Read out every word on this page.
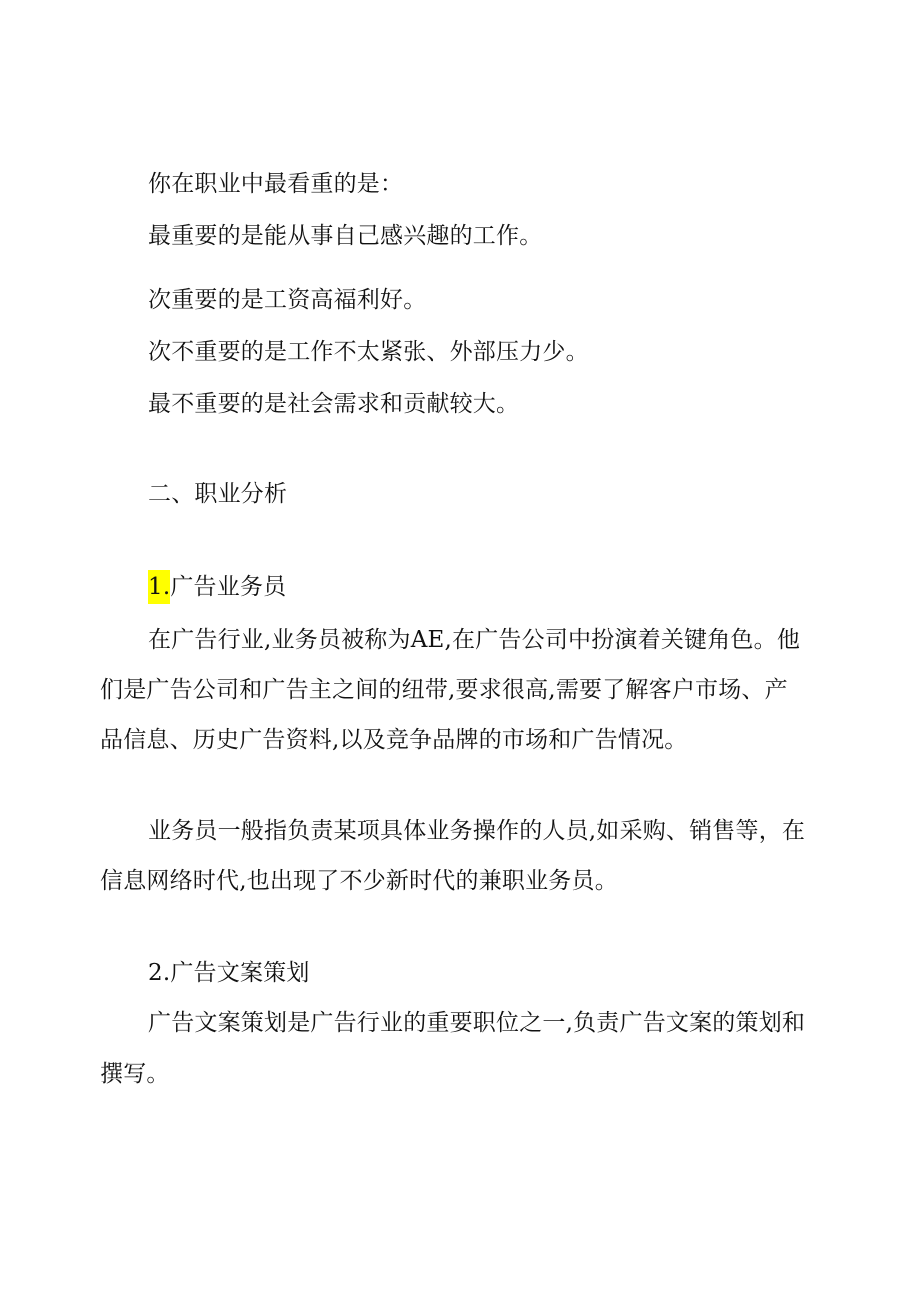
你在职业中最看重的是：
最重要的是能从事自己感兴趣的工作。
次重要的是工资高福利好。
次不重要的是工作不太紧张、外部压力少。
最不重要的是社会需求和贡献较大。
二、职业分析
1.广告业务员
在广告行业,业务员被称为AE,在广告公司中扮演着关键角色。他
们是广告公司和广告主之间的纽带,要求很高,需要了解客户市场、产
品信息、历史广告资料,以及竞争品牌的市场和广告情况。
业务员一般指负责某项具体业务操作的人员,如采购、销售等，在
信息网络时代,也出现了不少新时代的兼职业务员。
2.广告文案策划
广告文案策划是广告行业的重要职位之一,负责广告文案的策划和
撰写。
